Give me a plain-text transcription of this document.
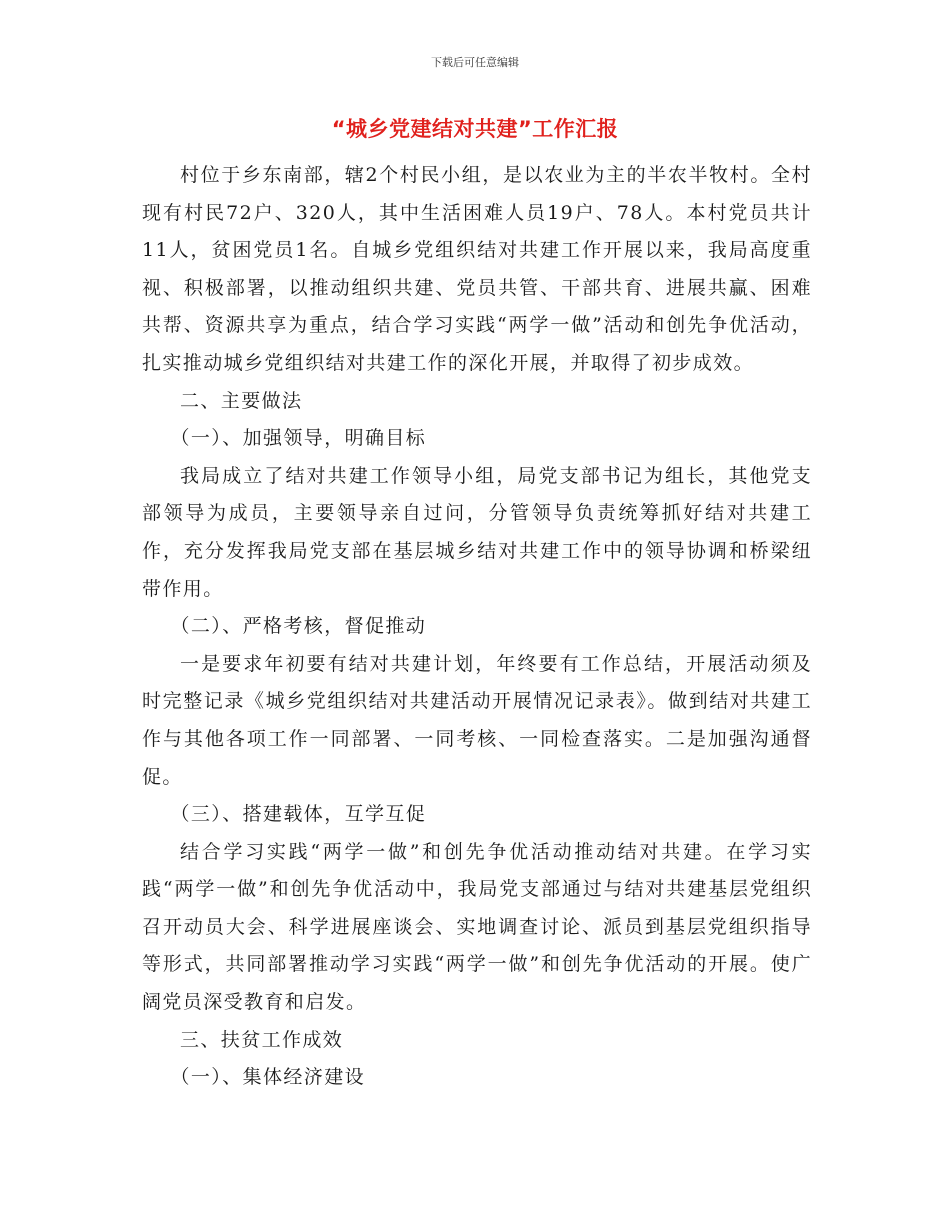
下载后可任意编辑
“城乡党建结对共建”工作汇报

村位于乡东南部，辖2个村民小组，是以农业为主的半农半牧村。全村现有村民72户、320人，其中生活困难人员19户、78人。本村党员共计11人，贫困党员1名。自城乡党组织结对共建工作开展以来，我局高度重视、积极部署，以推动组织共建、党员共管、干部共育、进展共赢、困难共帮、资源共享为重点，结合学习实践“两学一做”活动和创先争优活动，扎实推动城乡党组织结对共建工作的深化开展，并取得了初步成效。

二、主要做法

（一）、加强领导，明确目标

我局成立了结对共建工作领导小组，局党支部书记为组长，其他党支部领导为成员，主要领导亲自过问，分管领导负责统筹抓好结对共建工作，充分发挥我局党支部在基层城乡结对共建工作中的领导协调和桥梁纽带作用。

（二）、严格考核，督促推动

一是要求年初要有结对共建计划，年终要有工作总结，开展活动须及时完整记录《城乡党组织结对共建活动开展情况记录表》。做到结对共建工作与其他各项工作一同部署、一同考核、一同检查落实。二是加强沟通督促。

（三）、搭建载体，互学互促

结合学习实践“两学一做”和创先争优活动推动结对共建。在学习实践“两学一做”和创先争优活动中，我局党支部通过与结对共建基层党组织召开动员大会、科学进展座谈会、实地调查讨论、派员到基层党组织指导等形式，共同部署推动学习实践“两学一做”和创先争优活动的开展。使广阔党员深受教育和启发。

三、扶贫工作成效

（一）、集体经济建设
